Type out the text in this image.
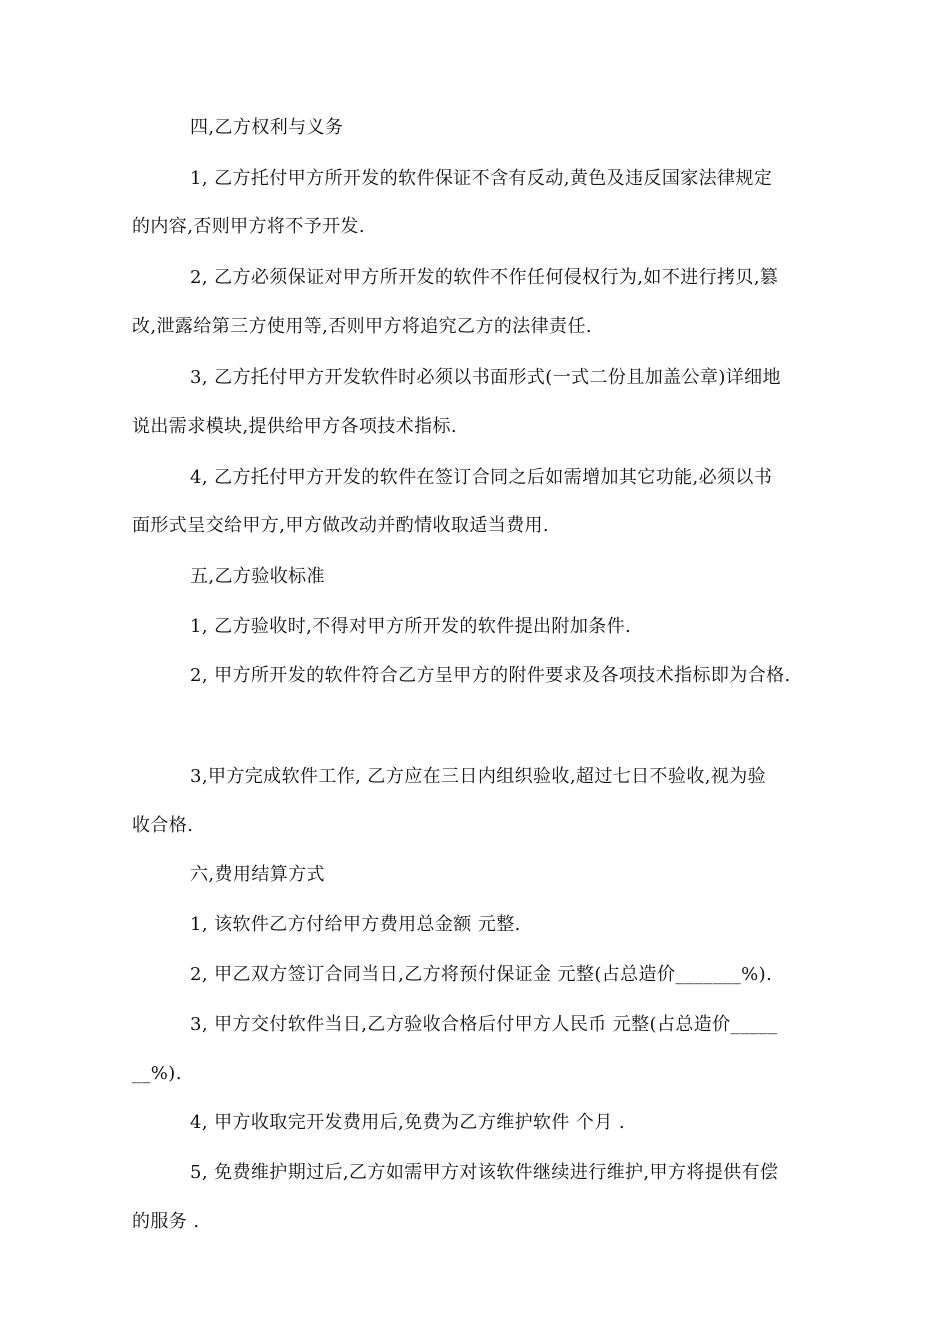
四,乙方权利与义务
1, 乙方托付甲方所开发的软件保证不含有反动,黄色及违反国家法律规定
的内容,否则甲方将不予开发.
2, 乙方必须保证对甲方所开发的软件不作任何侵权行为,如不进行拷贝,篡
改,泄露给第三方使用等,否则甲方将追究乙方的法律责任.
3, 乙方托付甲方开发软件时必须以书面形式(一式二份且加盖公章)详细地
说出需求模块,提供给甲方各项技术指标.
4, 乙方托付甲方开发的软件在签订合同之后如需增加其它功能,必须以书
面形式呈交给甲方,甲方做改动并酌情收取适当费用.
五,乙方验收标准
1, 乙方验收时,不得对甲方所开发的软件提出附加条件.
2, 甲方所开发的软件符合乙方呈甲方的附件要求及各项技术指标即为合格.
3,甲方完成软件工作, 乙方应在三日内组织验收,超过七日不验收,视为验
收合格.
六,费用结算方式
1, 该软件乙方付给甲方费用总金额 元整.
2, 甲乙双方签订合同当日,乙方将预付保证金 元整(占总造价_______%).
3, 甲方交付软件当日,乙方验收合格后付甲方人民币 元整(占总造价_____
__%).
4, 甲方收取完开发费用后,免费为乙方维护软件 个月 .
5, 免费维护期过后,乙方如需甲方对该软件继续进行维护,甲方将提供有偿
的服务 .
